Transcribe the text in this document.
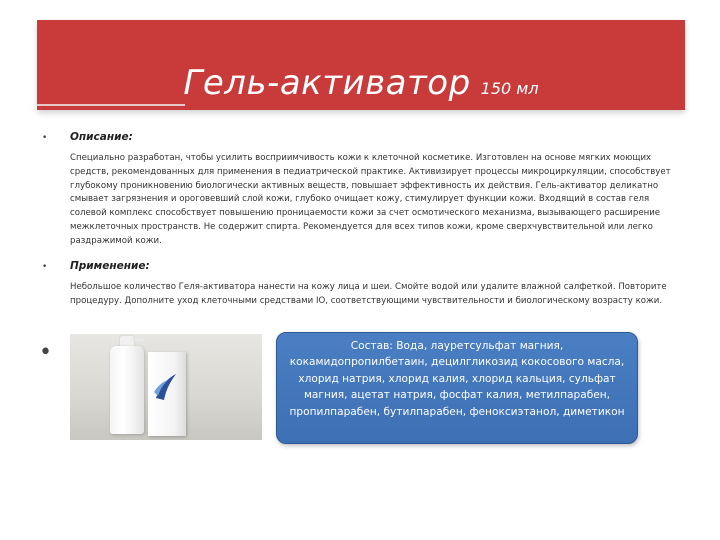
Гель-активатор 150 мл
• Описание:

Специально разработан, чтобы усилить восприимчивость кожи к клеточной косметике. Изготовлен на основе мягких моющих средств, рекомендованных для применения в педиатрической практике. Активизирует процессы микроциркуляции, способствует глубокому проникновению биологически активных веществ, повышает эффективность их действия. Гель-активатор деликатно смывает загрязнения и ороговевший слой кожи, глубоко очищает кожу, стимулирует функции кожи. Входящий в состав геля солевой комплекс способствует повышению проницаемости кожи за счет осмотического механизма, вызывающего расширение межклеточных пространств. Не содержит спирта. Рекомендуется для всех типов кожи, кроме сверхчувствительной или легко раздражимой кожи.

• Применение:

Небольшое количество Геля-активатора нанести на кожу лица и шеи. Смойте водой или удалите влажной салфеткой. Повторите процедуру. Дополните уход клеточными средствами IO, соответствующими чувствительности и биологическому возрасту кожи.

•	Состав: Вода, лауретсульфат магния, кокамидопропилбетаин, децилгликозид кокосового масла, хлорид натрия, хлорид калия, хлорид кальция, сульфат магния, ацетат натрия, фосфат калия, метилпарабен, пропилпарабен, бутилпарабен, феноксиэтанол, диметикон
